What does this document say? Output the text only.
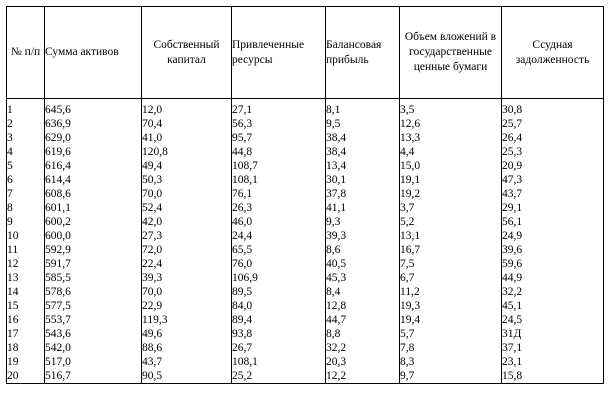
№ п/п	Сумма активов	Собственный капитал	Привлеченные ресурсы	Балансовая прибыль	Объем вложений в государственные ценные бумаги	Ссудная задолженность

1	645,6	12,0	27,1	8,1	3,5	30,8
2	636,9	70,4	56,3	9,5	12,6	25,7
3	629,0	41,0	95,7	38,4	13,3	26,4
4	619,6	120,8	44,8	38,4	4,4	25,3
5	616,4	49,4	108,7	13,4	15,0	20,9
6	614,4	50,3	108,1	30,1	19,1	47,3
7	608,6	70,0	76,1	37,8	19,2	43,7
8	601,1	52,4	26,3	41,1	3,7	29,1
9	600,2	42,0	46,0	9,3	5,2	56,1
10	600,0	27,3	24,4	39,3	13,1	24,9
11	592,9	72,0	65,5	8,6	16,7	39,6
12	591,7	22,4	76,0	40,5	7,5	59,6
13	585,5	39,3	106,9	45,3	6,7	44,9
14	578,6	70,0	89,5	8,4	11,2	32,2
15	577,5	22,9	84,0	12,8	19,3	45,1
16	553,7	119,3	89,4	44,7	19,4	24,5
17	543,6	49,6	93,8	8,8	5,7	31Д
18	542,0	88,6	26,7	32,2	7,8	37,1
19	517,0	43,7	108,1	20,3	8,3	23,1
20	516,7	90,5	25,2	12,2	9,7	15,8
